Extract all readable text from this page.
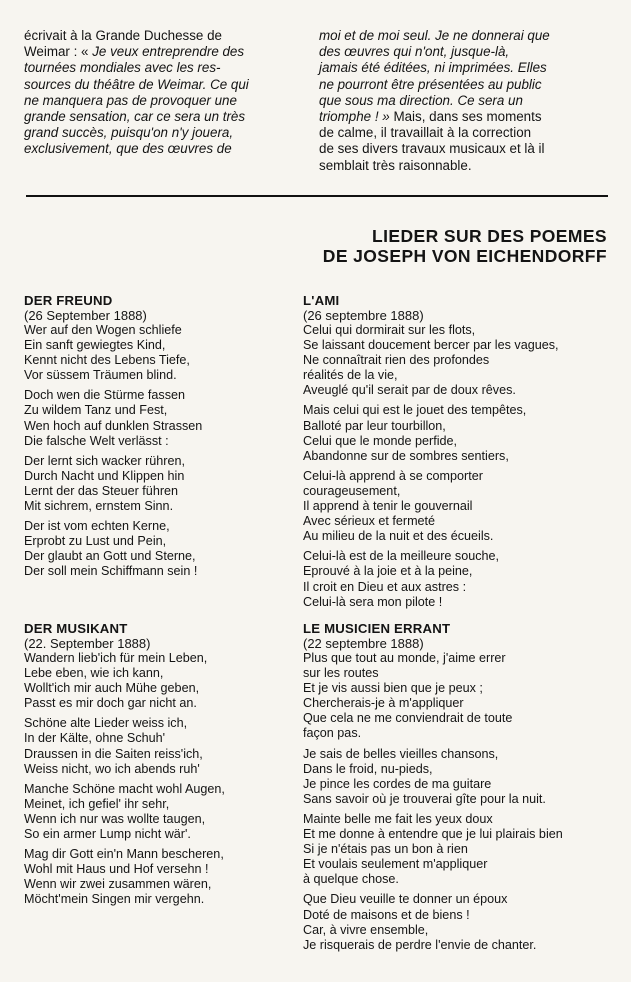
écrivait à la Grande Duchesse de
Weimar : « Je veux entreprendre des
tournées mondiales avec les res-
sources du théâtre de Weimar. Ce qui
ne manquera pas de provoquer une
grande sensation, car ce sera un très
grand succès, puisqu'on n'y jouera,
exclusivement, que des œuvres de
moi et de moi seul. Je ne donnerai que
des œuvres qui n'ont, jusque-là,
jamais été éditées, ni imprimées. Elles
ne pourront être présentées au public
que sous ma direction. Ce sera un
triomphe ! » Mais, dans ses moments
de calme, il travaillait à la correction
de ses divers travaux musicaux et là il
semblait très raisonnable.
LIEDER SUR DES POEMES
DE JOSEPH VON EICHENDORFF
DER FREUND
(26 September 1888)
Wer auf den Wogen schliefe
Ein sanft gewiegtes Kind,
Kennt nicht des Lebens Tiefe,
Vor süssem Träumen blind.
Doch wen die Stürme fassen
Zu wildem Tanz und Fest,
Wen hoch auf dunklen Strassen
Die falsche Welt verlässt :
Der lernt sich wacker rühren,
Durch Nacht und Klippen hin
Lernt der das Steuer führen
Mit sichrem, ernstem Sinn.
Der ist vom echten Kerne,
Erprobt zu Lust und Pein,
Der glaubt an Gott und Sterne,
Der soll mein Schiffmann sein !
L'AMI
(26 septembre 1888)
Celui qui dormirait sur les flots,
Se laissant doucement bercer par les vagues,
Ne connaîtrait rien des profondes
réalités de la vie,
Aveuglé qu'il serait par de doux rêves.
Mais celui qui est le jouet des tempêtes,
Balloté par leur tourbillon,
Celui que le monde perfide,
Abandonne sur de sombres sentiers,
Celui-là apprend à se comporter
courageusement,
Il apprend à tenir le gouvernail
Avec sérieux et fermeté
Au milieu de la nuit et des écueils.
Celui-là est de la meilleure souche,
Eprouvé à la joie et à la peine,
Il croit en Dieu et aux astres :
Celui-là sera mon pilote !
DER MUSIKANT
(22. September 1888)
Wandern lieb'ich für mein Leben,
Lebe eben, wie ich kann,
Wollt'ich mir auch Mühe geben,
Passt es mir doch gar nicht an.
Schöne alte Lieder weiss ich,
In der Kälte, ohne Schuh'
Draussen in die Saiten reiss'ich,
Weiss nicht, wo ich abends ruh'
Manche Schöne macht wohl Augen,
Meinet, ich gefiel' ihr sehr,
Wenn ich nur was wollte taugen,
So ein armer Lump nicht wär'.
Mag dir Gott ein'n Mann bescheren,
Wohl mit Haus und Hof versehn !
Wenn wir zwei zusammen wären,
Möcht'mein Singen mir vergehn.
LE MUSICIEN ERRANT
(22 septembre 1888)
Plus que tout au monde, j'aime errer
sur les routes
Et je vis aussi bien que je peux ;
Chercherais-je à m'appliquer
Que cela ne me conviendrait de toute
façon pas.
Je sais de belles vieilles chansons,
Dans le froid, nu-pieds,
Je pince les cordes de ma guitare
Sans savoir où je trouverai gîte pour la nuit.
Mainte belle me fait les yeux doux
Et me donne à entendre que je lui plairais bien
Si je n'étais pas un bon à rien
Et voulais seulement m'appliquer
à quelque chose.
Que Dieu veuille te donner un époux
Doté de maisons et de biens !
Car, à vivre ensemble,
Je risquerais de perdre l'envie de chanter.
